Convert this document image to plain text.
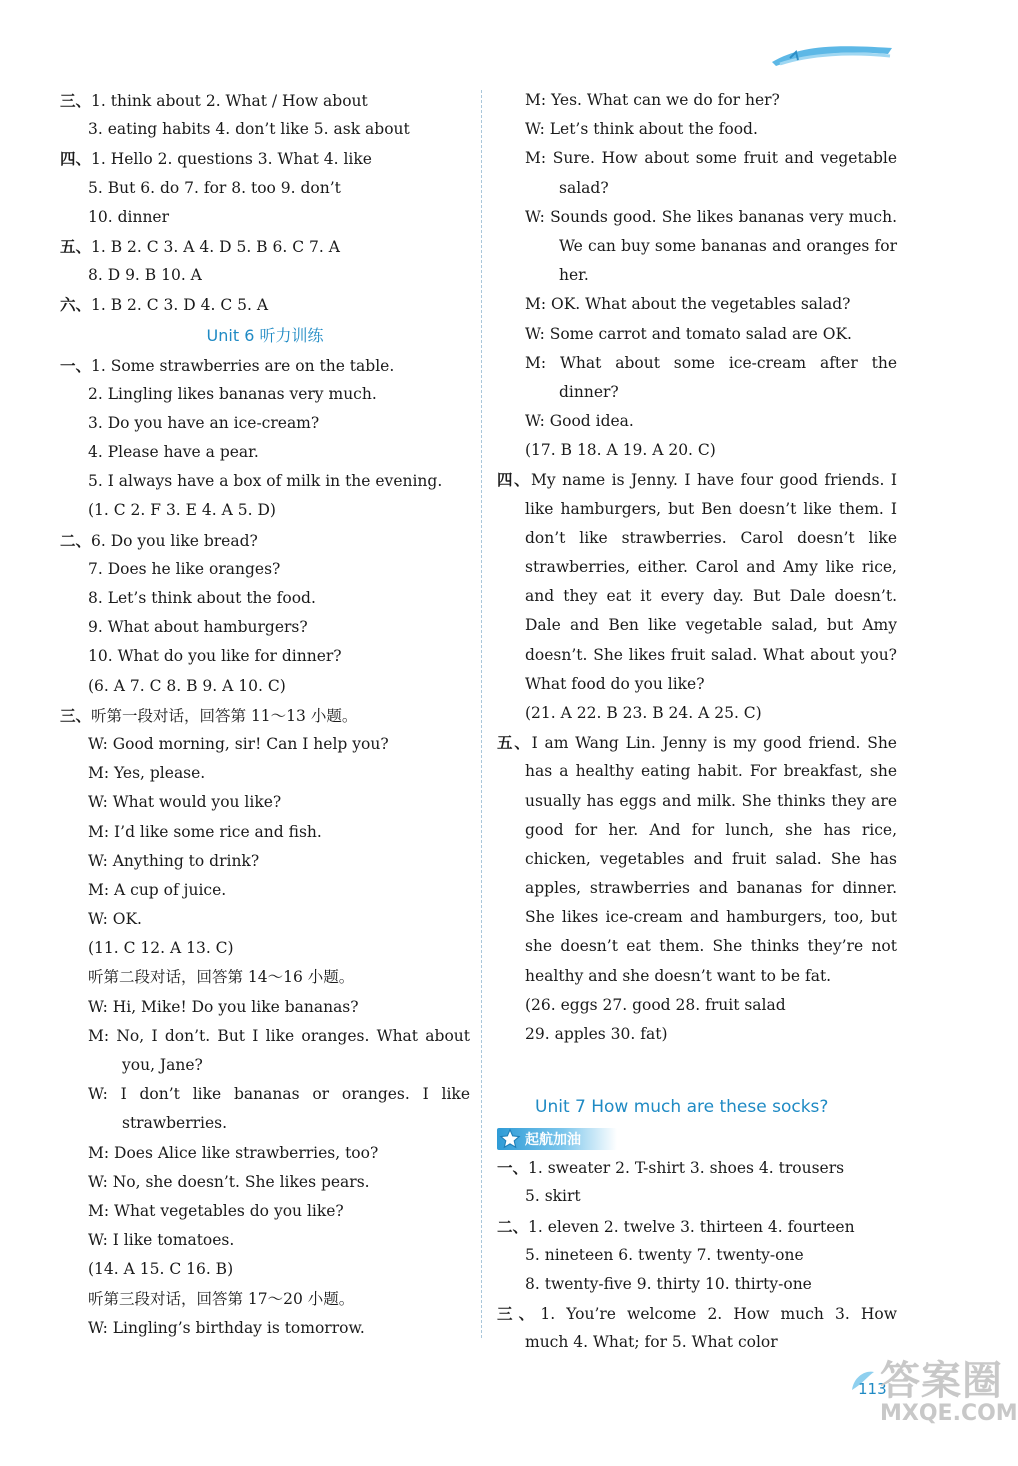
三、1. think about 2. What / How about
3. eating habits 4. don’t like 5. ask about
四、1. Hello 2. questions 3. What 4. like
5. But 6. do 7. for 8. too 9. don’t
10. dinner
五、1. B 2. C 3. A 4. D 5. B 6. C 7. A
8. D 9. B 10. A
六、1. B 2. C 3. D 4. C 5. A
Unit 6 听力训练
一、1. Some strawberries are on the table.
2. Lingling likes bananas very much.
3. Do you have an ice-cream?
4. Please have a pear.
5. I always have a box of milk in the evening.
(1. C 2. F 3. E 4. A 5. D)
二、6. Do you like bread?
7. Does he like oranges?
8. Let’s think about the food.
9. What about hamburgers?
10. What do you like for dinner?
(6. A 7. C 8. B 9. A 10. C)
三、听第一段对话，回答第 11～13 小题。
W: Good morning, sir! Can I help you?
M: Yes, please.
W: What would you like?
M: I’d like some rice and fish.
W: Anything to drink?
M: A cup of juice.
W: OK.
(11. C 12. A 13. C)
听第二段对话，回答第 14～16 小题。
W: Hi, Mike! Do you like bananas?
M: No, I don’t. But I like oranges. What about
you, Jane?
W: I don’t like bananas or oranges. I like
strawberries.
M: Does Alice like strawberries, too?
W: No, she doesn’t. She likes pears.
M: What vegetables do you like?
W: I like tomatoes.
(14. A 15. C 16. B)
听第三段对话，回答第 17～20 小题。
W: Lingling’s birthday is tomorrow.
M: Yes. What can we do for her?
W: Let’s think about the food.
M: Sure. How about some fruit and vegetable
salad?
W: Sounds good. She likes bananas very much.
We can buy some bananas and oranges for
her.
M: OK. What about the vegetables salad?
W: Some carrot and tomato salad are OK.
M: What about some ice-cream after the
dinner?
W: Good idea.
(17. B 18. A 19. A 20. C)
四、My name is Jenny. I have four good friends. I
like hamburgers, but Ben doesn’t like them. I
don’t like strawberries. Carol doesn’t like
strawberries, either. Carol and Amy like rice,
and they eat it every day. But Dale doesn’t.
Dale and Ben like vegetable salad, but Amy
doesn’t. She likes fruit salad. What about you?
What food do you like?
(21. A 22. B 23. B 24. A 25. C)
五、I am Wang Lin. Jenny is my good friend. She
has a healthy eating habit. For breakfast, she
usually has eggs and milk. She thinks they are
good for her. And for lunch, she has rice,
chicken, vegetables and fruit salad. She has
apples, strawberries and bananas for dinner.
She likes ice-cream and hamburgers, too, but
she doesn’t eat them. She thinks they’re not
healthy and she doesn’t want to be fat.
(26. eggs 27. good 28. fruit salad
29. apples 30. fat)
Unit 7 How much are these socks?
起航加油
一、1. sweater 2. T-shirt 3. shoes 4. trousers
5. skirt
二、1. eleven 2. twelve 3. thirteen 4. fourteen
5. nineteen 6. twenty 7. twenty-one
8. twenty-five 9. thirty 10. thirty-one
三、1. You’re welcome 2. How much 3. How
much 4. What; for 5. What color
113
答案圈
MXQE.COM
